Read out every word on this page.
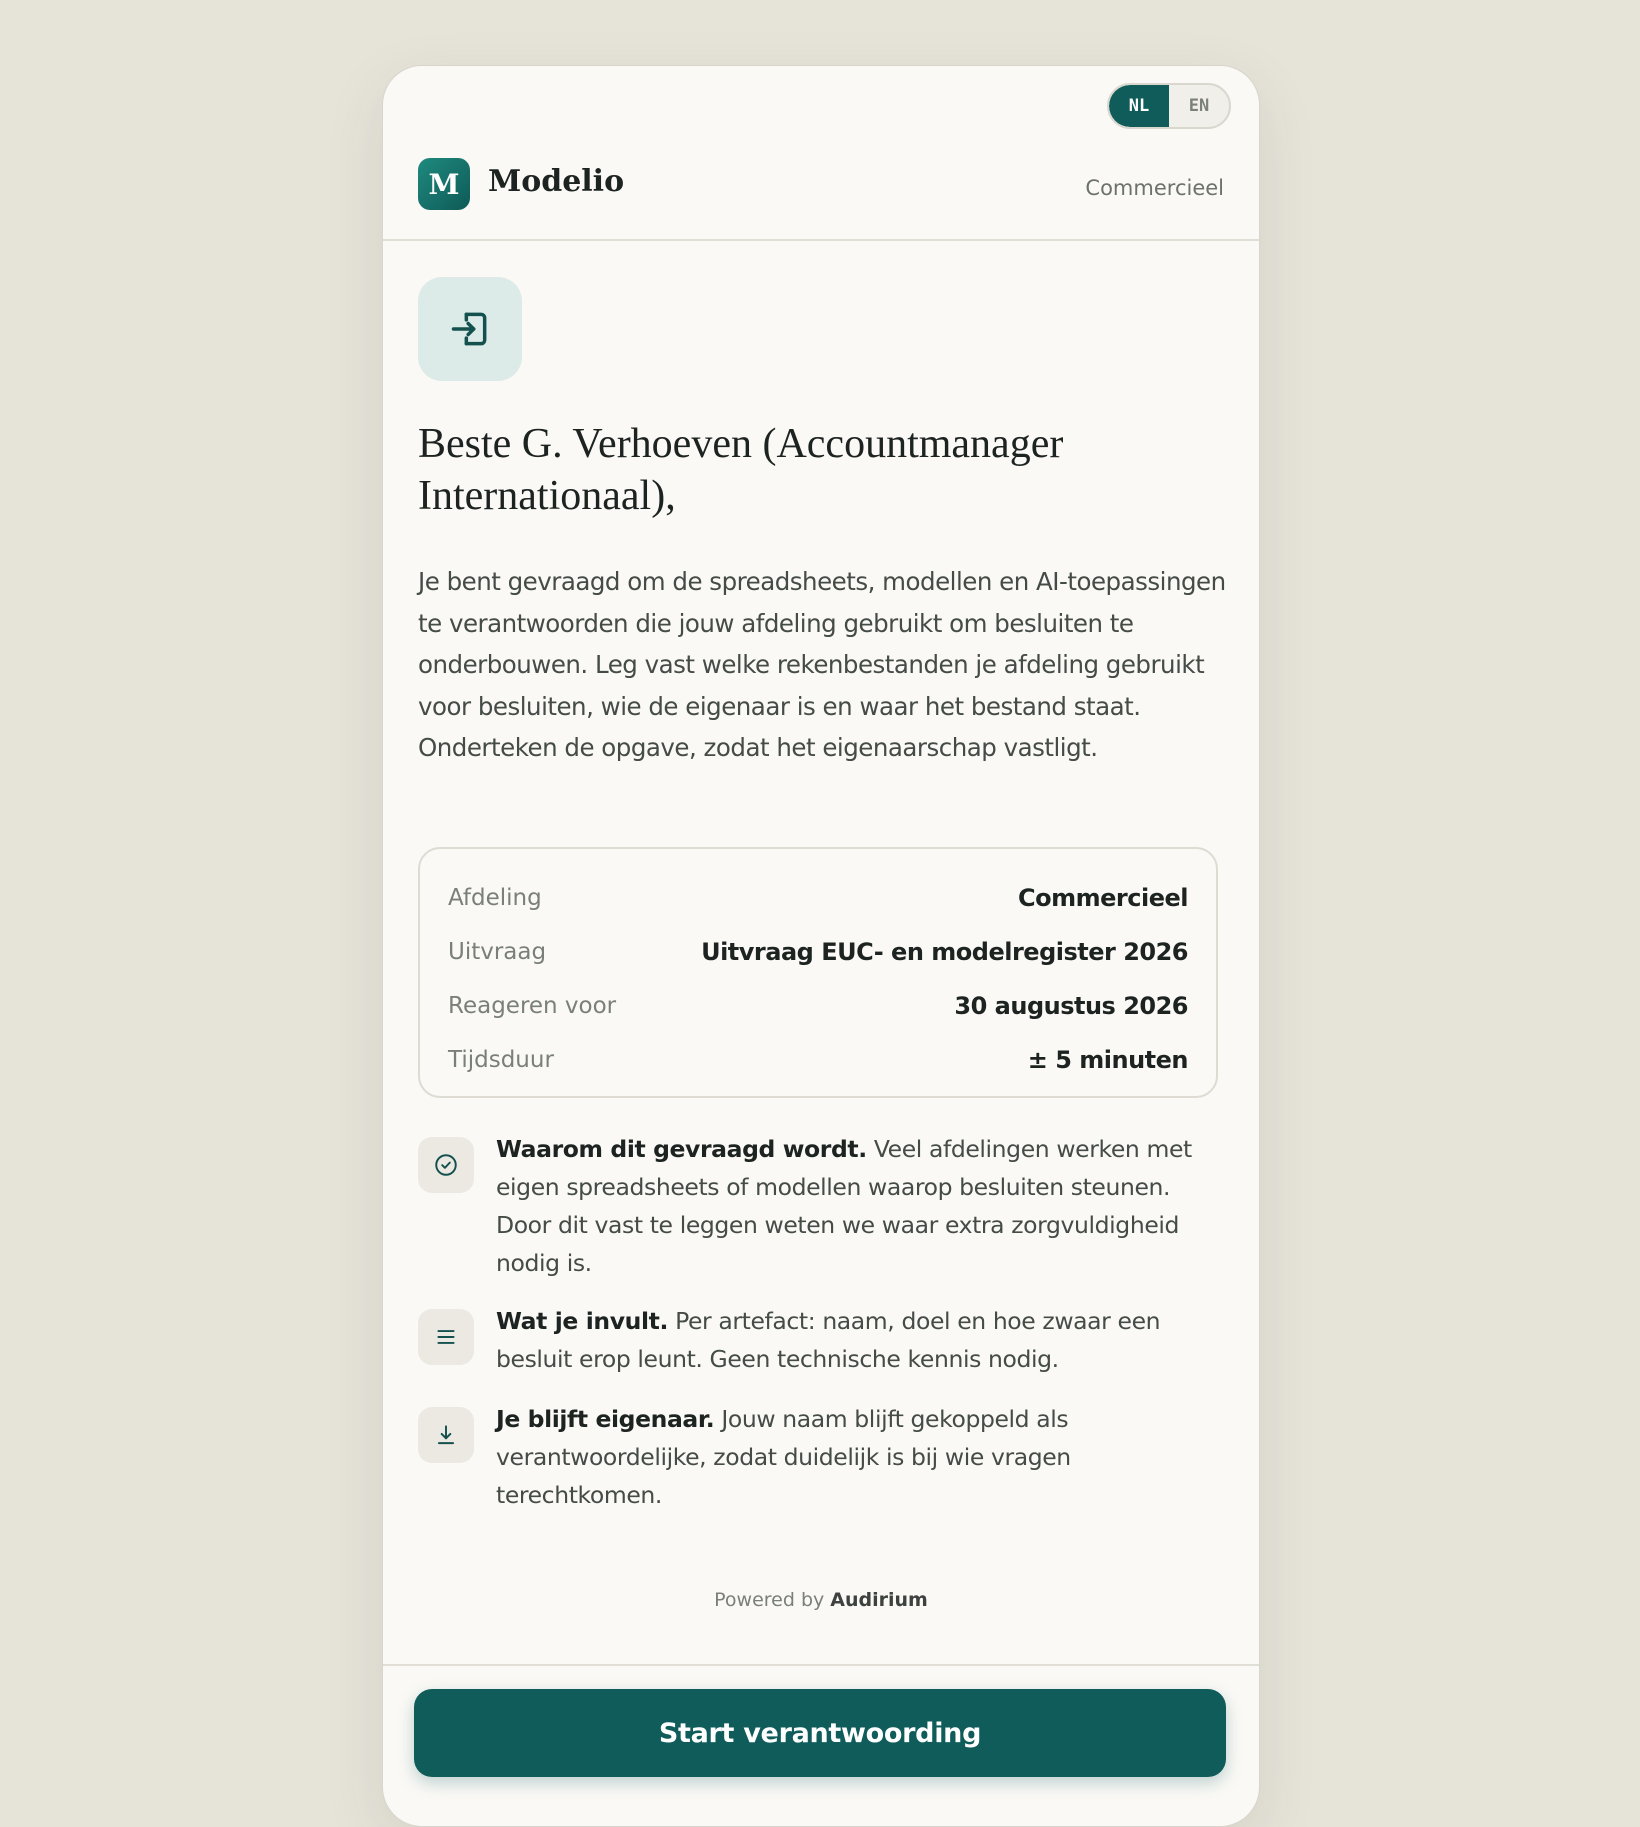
NL	EN
M Modelio	Commercieel
Beste G. Verhoeven (Accountmanager Internationaal),
Je bent gevraagd om de spreadsheets, modellen en AI-toepassingen te verantwoorden die jouw afdeling gebruikt om besluiten te onderbouwen. Leg vast welke rekenbestanden je afdeling gebruikt voor besluiten, wie de eigenaar is en waar het bestand staat. Onderteken de opgave, zodat het eigenaarschap vastligt.
Afdeling	Commercieel
Uitvraag	Uitvraag EUC- en modelregister 2026
Reageren voor	30 augustus 2026
Tijdsduur	± 5 minuten
Waarom dit gevraagd wordt. Veel afdelingen werken met eigen spreadsheets of modellen waarop besluiten steunen. Door dit vast te leggen weten we waar extra zorgvuldigheid nodig is.
Wat je invult. Per artefact: naam, doel en hoe zwaar een besluit erop leunt. Geen technische kennis nodig.
Je blijft eigenaar. Jouw naam blijft gekoppeld als verantwoordelijke, zodat duidelijk is bij wie vragen terechtkomen.
Powered by Audirium
Start verantwoording
